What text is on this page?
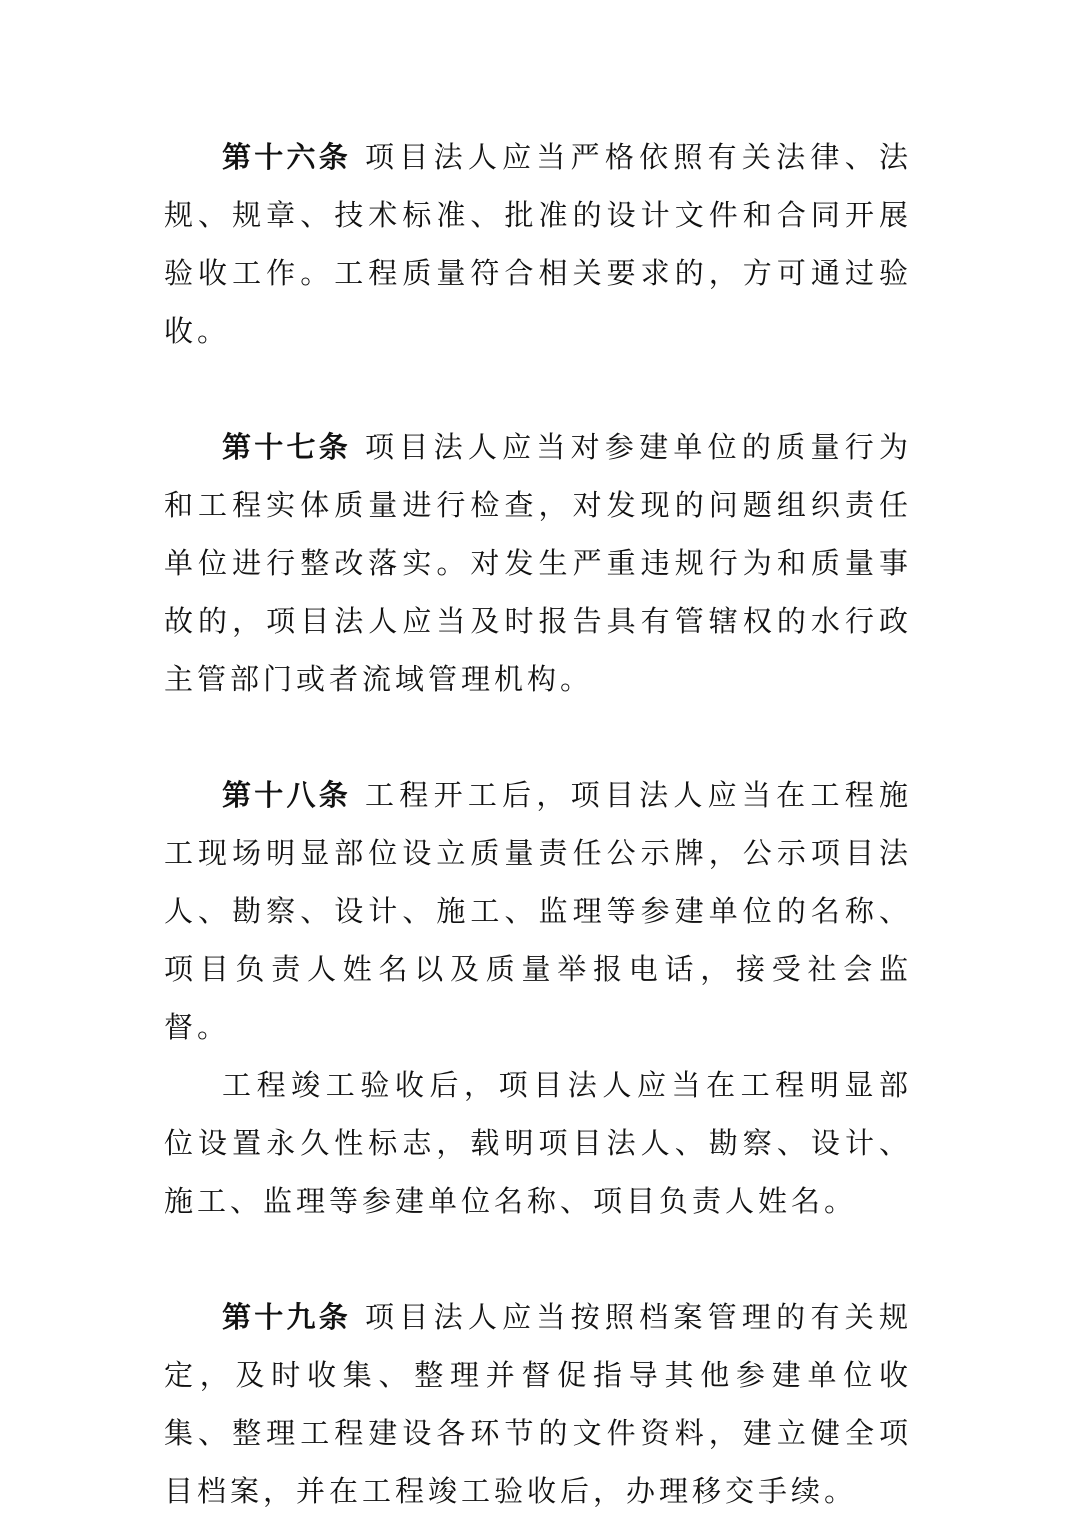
第十六条 项目法人应当严格依照有关法律、法规、规章、技术标准、批准的设计文件和合同开展验收工作。工程质量符合相关要求的，方可通过验收。

第十七条 项目法人应当对参建单位的质量行为和工程实体质量进行检查，对发现的问题组织责任单位进行整改落实。对发生严重违规行为和质量事故的，项目法人应当及时报告具有管辖权的水行政主管部门或者流域管理机构。

第十八条 工程开工后，项目法人应当在工程施工现场明显部位设立质量责任公示牌，公示项目法人、勘察、设计、施工、监理等参建单位的名称、项目负责人姓名以及质量举报电话，接受社会监督。

工程竣工验收后，项目法人应当在工程明显部位设置永久性标志，载明项目法人、勘察、设计、施工、监理等参建单位名称、项目负责人姓名。

第十九条 项目法人应当按照档案管理的有关规定，及时收集、整理并督促指导其他参建单位收集、整理工程建设各环节的文件资料，建立健全项目档案，并在工程竣工验收后，办理移交手续。
